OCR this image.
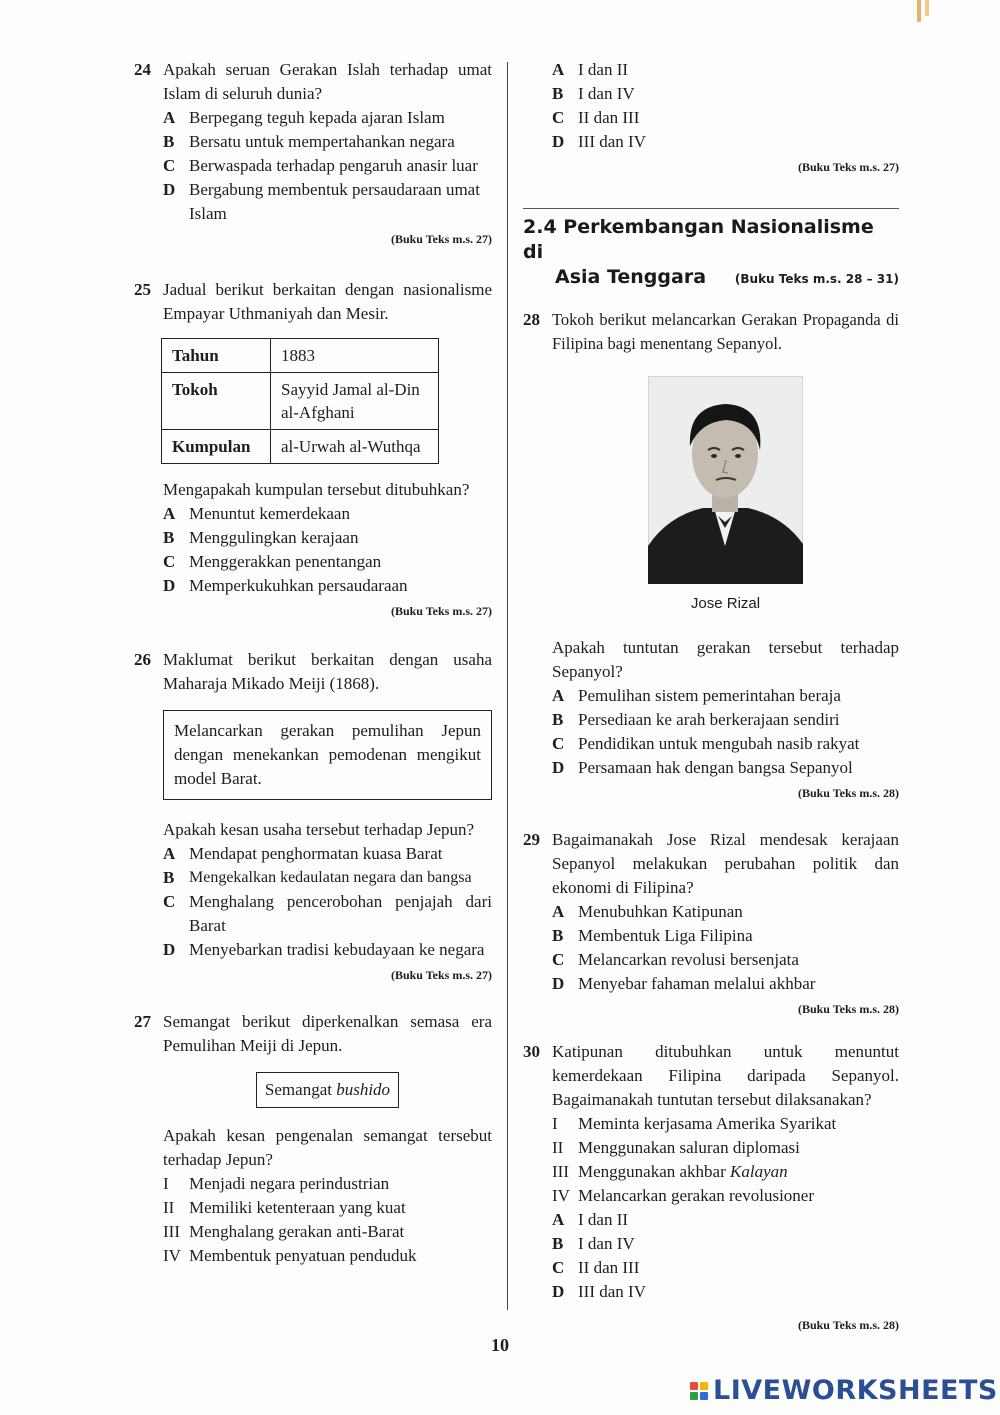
24 Apakah seruan Gerakan Islah terhadap umat Islam di seluruh dunia?
A Berpegang teguh kepada ajaran Islam
B Bersatu untuk mempertahankan negara
C Berwaspada terhadap pengaruh anasir luar
D Bergabung membentuk persaudaraan umat Islam
(Buku Teks m.s. 27)
25 Jadual berikut berkaitan dengan nasionalisme Empayar Uthmaniyah dan Mesir.
Tahun	1883
Tokoh	Sayyid Jamal al-Din al-Afghani
Kumpulan	al-Urwah al-Wuthqa
Mengapakah kumpulan tersebut ditubuhkan?
A Menuntut kemerdekaan
B Menggulingkan kerajaan
C Menggerakkan penentangan
D Memperkukuhkan persaudaraan
(Buku Teks m.s. 27)
26 Maklumat berikut berkaitan dengan usaha Maharaja Mikado Meiji (1868).
Melancarkan gerakan pemulihan Jepun dengan menekankan pemodenan mengikut model Barat.
Apakah kesan usaha tersebut terhadap Jepun?
A Mendapat penghormatan kuasa Barat
B Mengekalkan kedaulatan negara dan bangsa
C Menghalang pencerobohan penjajah dari Barat
D Menyebarkan tradisi kebudayaan ke negara
(Buku Teks m.s. 27)
27 Semangat berikut diperkenalkan semasa era Pemulihan Meiji di Jepun.
Semangat bushido
Apakah kesan pengenalan semangat tersebut terhadap Jepun?
I	Menjadi negara perindustrian
II Memiliki ketenteraan yang kuat
III Menghalang gerakan anti-Barat
IV Membentuk penyatuan penduduk
A I dan II
B I dan IV
C II dan III
D III dan IV
(Buku Teks m.s. 27)
2.4 Perkembangan Nasionalisme di
Asia Tenggara (Buku Teks m.s. 28 – 31)
28 Tokoh berikut melancarkan Gerakan Propaganda di Filipina bagi menentang Sepanyol.
Jose Rizal
Apakah tuntutan gerakan tersebut terhadap Sepanyol?
A Pemulihan sistem pemerintahan beraja
B Persediaan ke arah berkerajaan sendiri
C Pendidikan untuk mengubah nasib rakyat
D Persamaan hak dengan bangsa Sepanyol
(Buku Teks m.s. 28)
29 Bagaimanakah Jose Rizal mendesak kerajaan Sepanyol melakukan perubahan politik dan ekonomi di Filipina?
A Menubuhkan Katipunan
B Membentuk Liga Filipina
C Melancarkan revolusi bersenjata
D Menyebar fahaman melalui akhbar
(Buku Teks m.s. 28)
30 Katipunan ditubuhkan untuk menuntut kemerdekaan Filipina daripada Sepanyol. Bagaimanakah tuntutan tersebut dilaksanakan?
I	Meminta kerjasama Amerika Syarikat
II Menggunakan saluran diplomasi
III Menggunakan akhbar Kalayan
IV Melancarkan gerakan revolusioner
A I dan II
B I dan IV
C II dan III
D III dan IV
(Buku Teks m.s. 28)
10
LIVEWORKSHEETS
